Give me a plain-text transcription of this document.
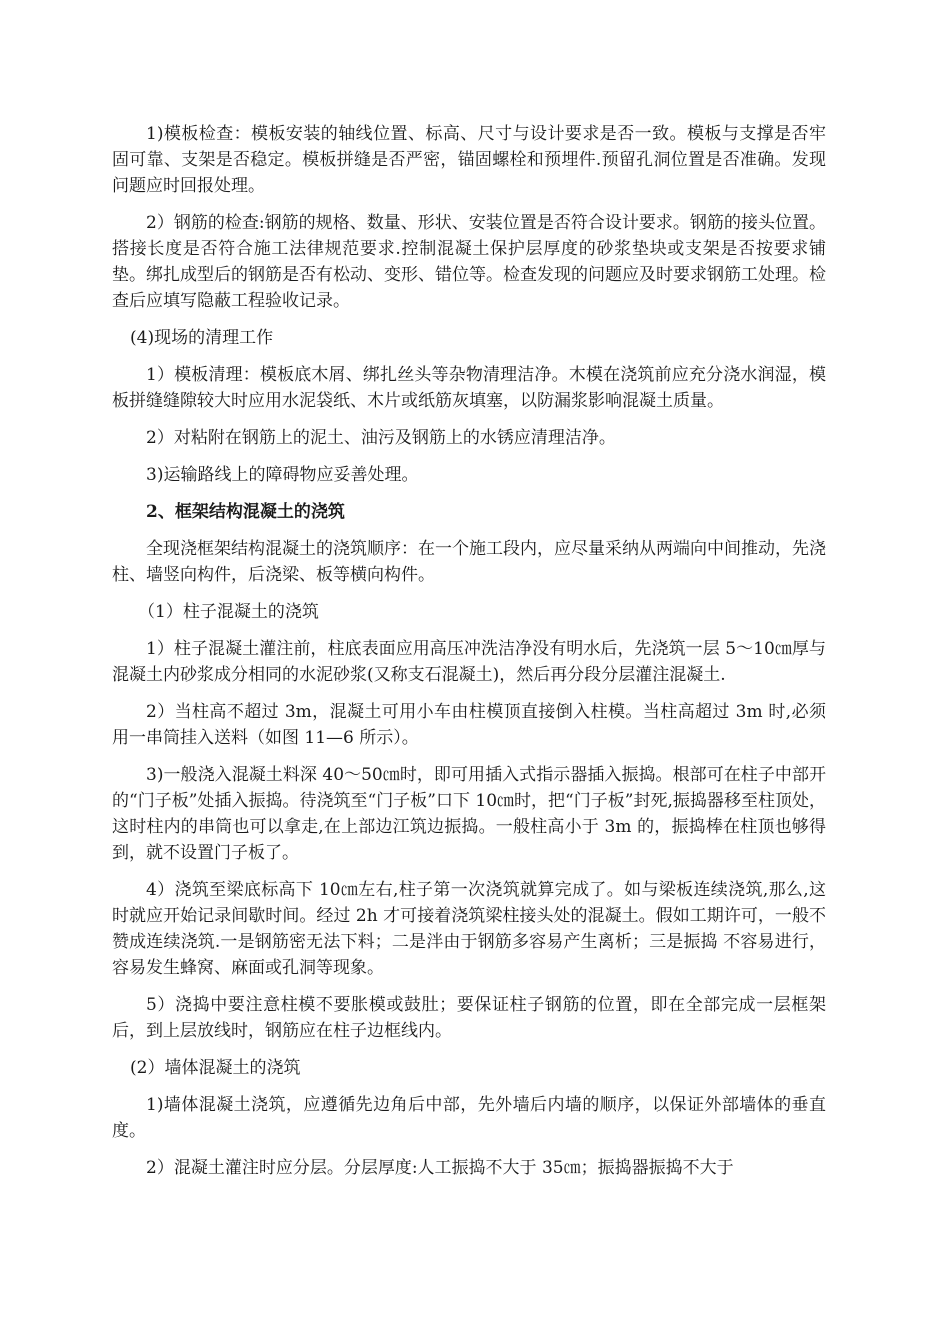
1)模板检查：模板安装的轴线位置、标高、尺寸与设计要求是否一致。模板与支撑是否牢固可靠、支架是否稳定。模板拼缝是否严密，锚固螺栓和预埋件.预留孔洞位置是否准确。发现问题应时回报处理。

2）钢筋的检查:钢筋的规格、数量、形状、安装位置是否符合设计要求。钢筋的接头位置。搭接长度是否符合施工法律规范要求.控制混凝土保护层厚度的砂浆垫块或支架是否按要求铺垫。绑扎成型后的钢筋是否有松动、变形、错位等。检查发现的问题应及时要求钢筋工处理。检查后应填写隐蔽工程验收记录。

(4)现场的清理工作

1）模板清理：模板底木屑、绑扎丝头等杂物清理洁净。木模在浇筑前应充分浇水润湿，模板拼缝缝隙较大时应用水泥袋纸、木片或纸筋灰填塞，以防漏浆影响混凝土质量。

2）对粘附在钢筋上的泥土、油污及钢筋上的水锈应清理洁净。

3)运输路线上的障碍物应妥善处理。

2、框架结构混凝土的浇筑

全现浇框架结构混凝土的浇筑顺序：在一个施工段内，应尽量采纳从两端向中间推动，先浇柱、墙竖向构件，后浇梁、板等横向构件。

（1）柱子混凝土的浇筑

1）柱子混凝土灌注前，柱底表面应用高压冲洗洁净没有明水后，先浇筑一层 5～10㎝厚与混凝土内砂浆成分相同的水泥砂浆(又称支石混凝土)，然后再分段分层灌注混凝土.

2）当柱高不超过 3m，混凝土可用小车由柱模顶直接倒入柱模。当柱高超过 3m 时,必须用一串筒挂入送料（如图 11—6 所示）。

3)一般浇入混凝土料深 40～50㎝时，即可用插入式指示器插入振捣。根部可在柱子中部开的“门子板”处插入振捣。待浇筑至“门子板”口下 10㎝时，把“门子板”封死,振捣器移至柱顶处，这时柱内的串筒也可以拿走,在上部边江筑边振捣。一般柱高小于 3m 的，振捣棒在柱顶也够得到，就不设置门子板了。

4）浇筑至梁底标高下 10㎝左右,柱子第一次浇筑就算完成了。如与梁板连续浇筑,那么,这时就应开始记录间歇时间。经过 2h 才可接着浇筑梁柱接头处的混凝土。假如工期许可，一般不赞成连续浇筑.一是钢筋密无法下料；二是泮由于钢筋多容易产生离析；三是振捣 不容易进行，容易发生蜂窝、麻面或孔洞等现象。

5）浇捣中要注意柱模不要胀模或鼓肚；要保证柱子钢筋的位置，即在全部完成一层框架后，到上层放线时，钢筋应在柱子边框线内。

(2）墙体混凝土的浇筑

1)墙体混凝土浇筑，应遵循先边角后中部，先外墙后内墙的顺序，以保证外部墙体的垂直度。

2）混凝土灌注时应分层。分层厚度:人工振捣不大于 35㎝；振捣器振捣不大于
